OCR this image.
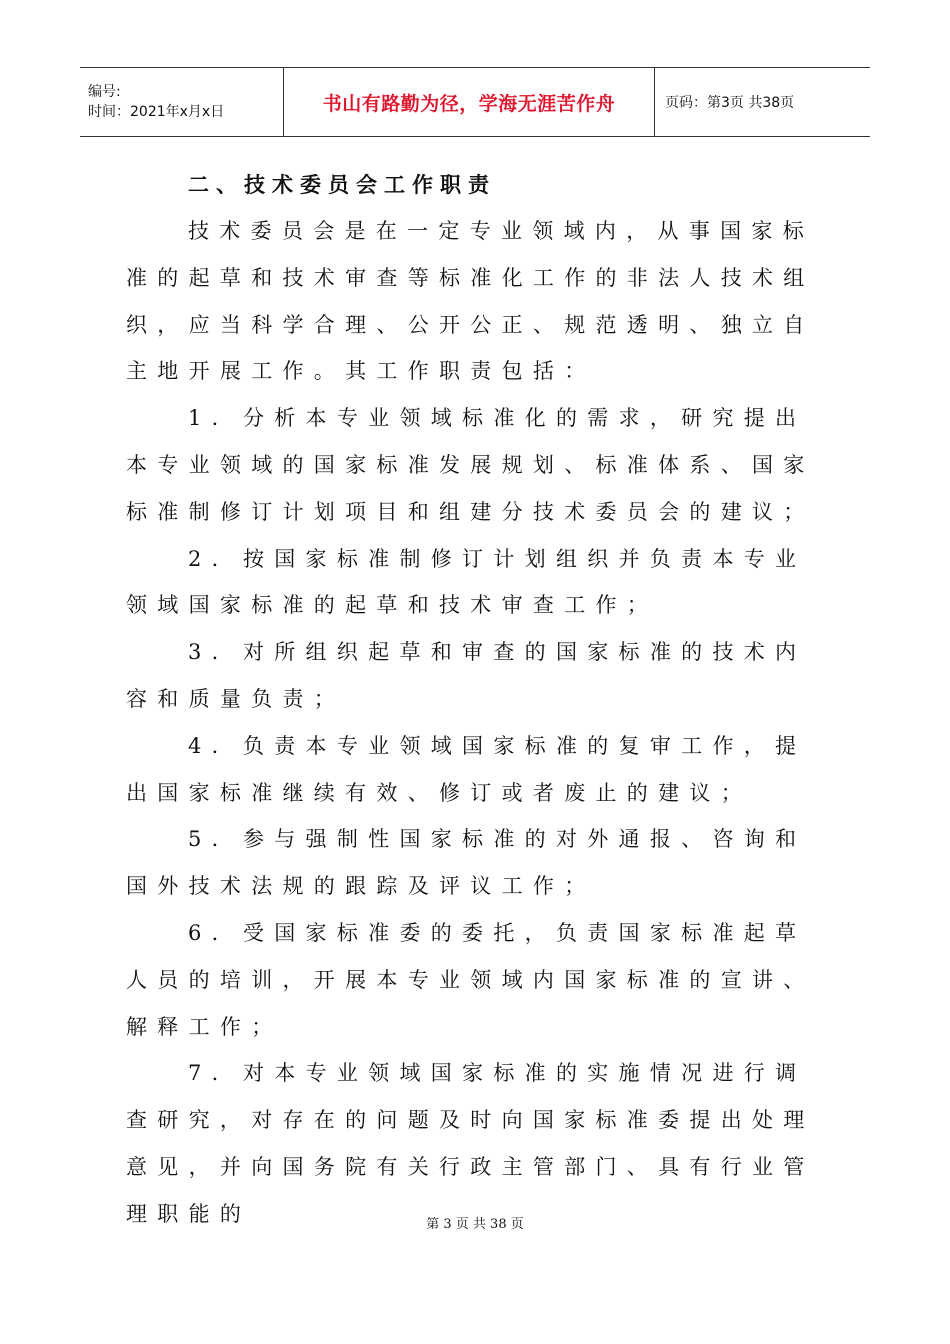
编号:
时间：2021年x月x日	书山有路勤为径，学海无涯苦作舟	页码：第3页 共38页
二、技术委员会工作职责

技术委员会是在一定专业领域内，从事国家标准的起草和技术审查等标准化工作的非法人技术组织，应当科学合理、公开公正、规范透明、独立自主地开展工作。其工作职责包括：

1．分析本专业领域标准化的需求，研究提出本专业领域的国家标准发展规划、标准体系、国家标准制修订计划项目和组建分技术委员会的建议；

2．按国家标准制修订计划组织并负责本专业领域国家标准的起草和技术审查工作；

3．对所组织起草和审查的国家标准的技术内容和质量负责；

4．负责本专业领域国家标准的复审工作，提出国家标准继续有效、修订或者废止的建议；

5．参与强制性国家标准的对外通报、咨询和国外技术法规的跟踪及评议工作；

6．受国家标准委的委托，负责国家标准起草人员的培训，开展本专业领域内国家标准的宣讲、解释工作；

7．对本专业领域国家标准的实施情况进行调查研究，对存在的问题及时向国家标准委提出处理意见，并向国务院有关行政主管部门、具有行业管理职能的	第 3 页 共 38 页
